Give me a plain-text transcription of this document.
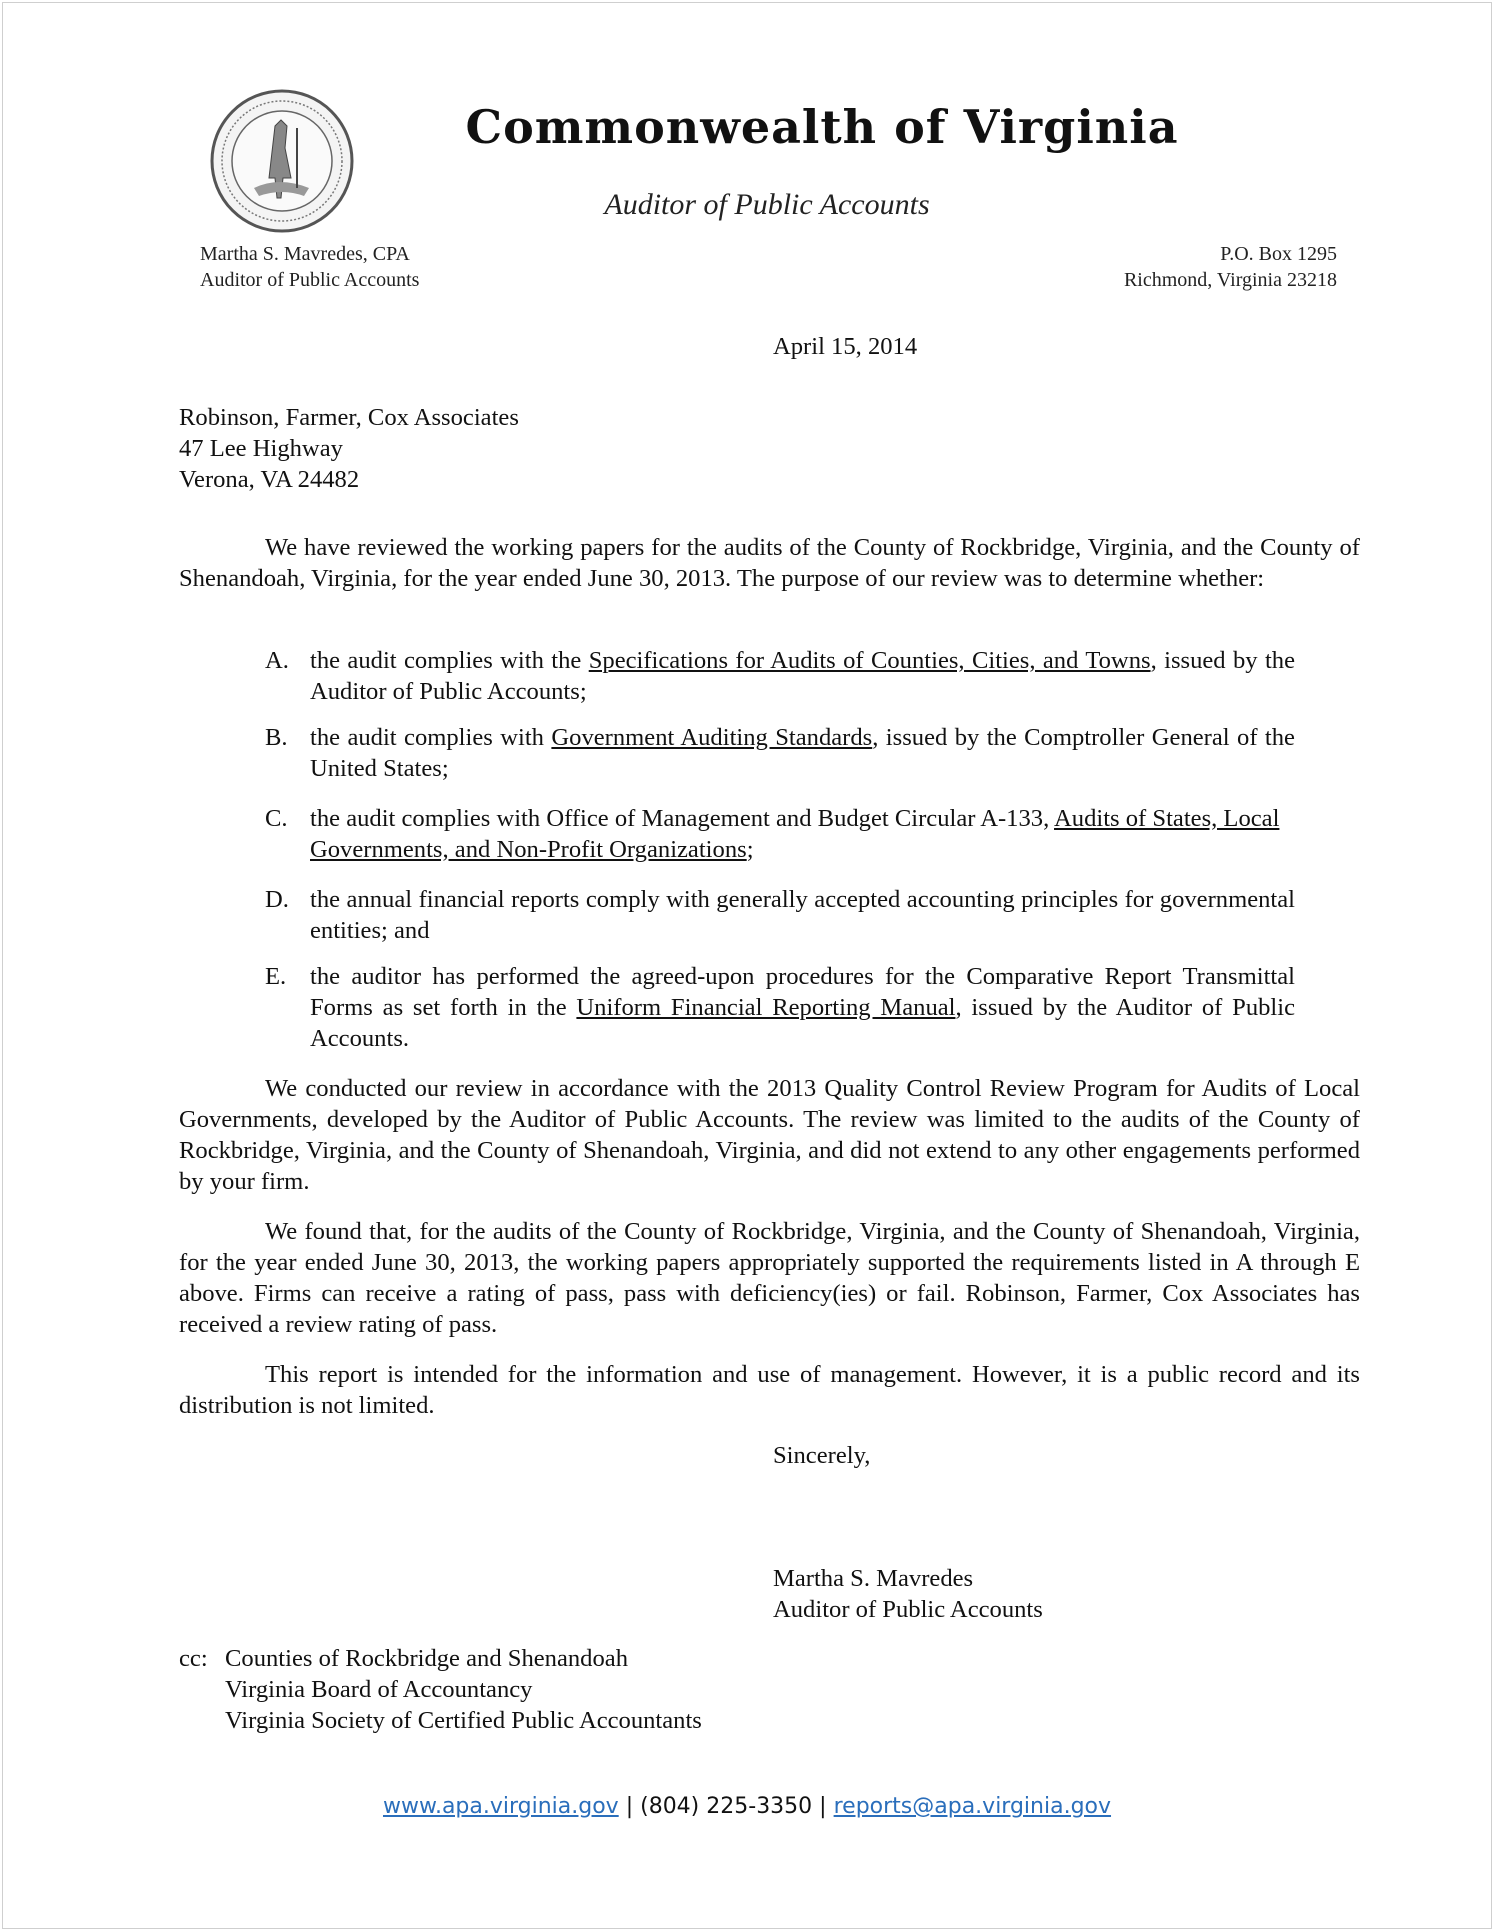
Commonwealth of Virginia
Auditor of Public Accounts
Martha S. Mavredes, CPA
Auditor of Public Accounts
P.O. Box 1295
Richmond, Virginia 23218
April 15, 2014
Robinson, Farmer, Cox Associates
47 Lee Highway
Verona, VA 24482

We have reviewed the working papers for the audits of the County of Rockbridge, Virginia, and the County of Shenandoah, Virginia, for the year ended June 30, 2013. The purpose of our review was to determine whether:

A. the audit complies with the Specifications for Audits of Counties, Cities, and Towns, issued by the Auditor of Public Accounts;
B. the audit complies with Government Auditing Standards, issued by the Comptroller General of the United States;
C. the audit complies with Office of Management and Budget Circular A-133, Audits of States, Local Governments, and Non-Profit Organizations;
D. the annual financial reports comply with generally accepted accounting principles for governmental entities; and
E. the auditor has performed the agreed-upon procedures for the Comparative Report Transmittal Forms as set forth in the Uniform Financial Reporting Manual, issued by the Auditor of Public Accounts.

We conducted our review in accordance with the 2013 Quality Control Review Program for Audits of Local Governments, developed by the Auditor of Public Accounts. The review was limited to the audits of the County of Rockbridge, Virginia, and the County of Shenandoah, Virginia, and did not extend to any other engagements performed by your firm.

We found that, for the audits of the County of Rockbridge, Virginia, and the County of Shenandoah, Virginia, for the year ended June 30, 2013, the working papers appropriately supported the requirements listed in A through E above. Firms can receive a rating of pass, pass with deficiency(ies) or fail. Robinson, Farmer, Cox Associates has received a review rating of pass.

This report is intended for the information and use of management. However, it is a public record and its distribution is not limited.

Sincerely,
Martha S. Mavredes
Auditor of Public Accounts
cc: Counties of Rockbridge and Shenandoah
Virginia Board of Accountancy
Virginia Society of Certified Public Accountants
www.apa.virginia.gov | (804) 225-3350 | reports@apa.virginia.gov
